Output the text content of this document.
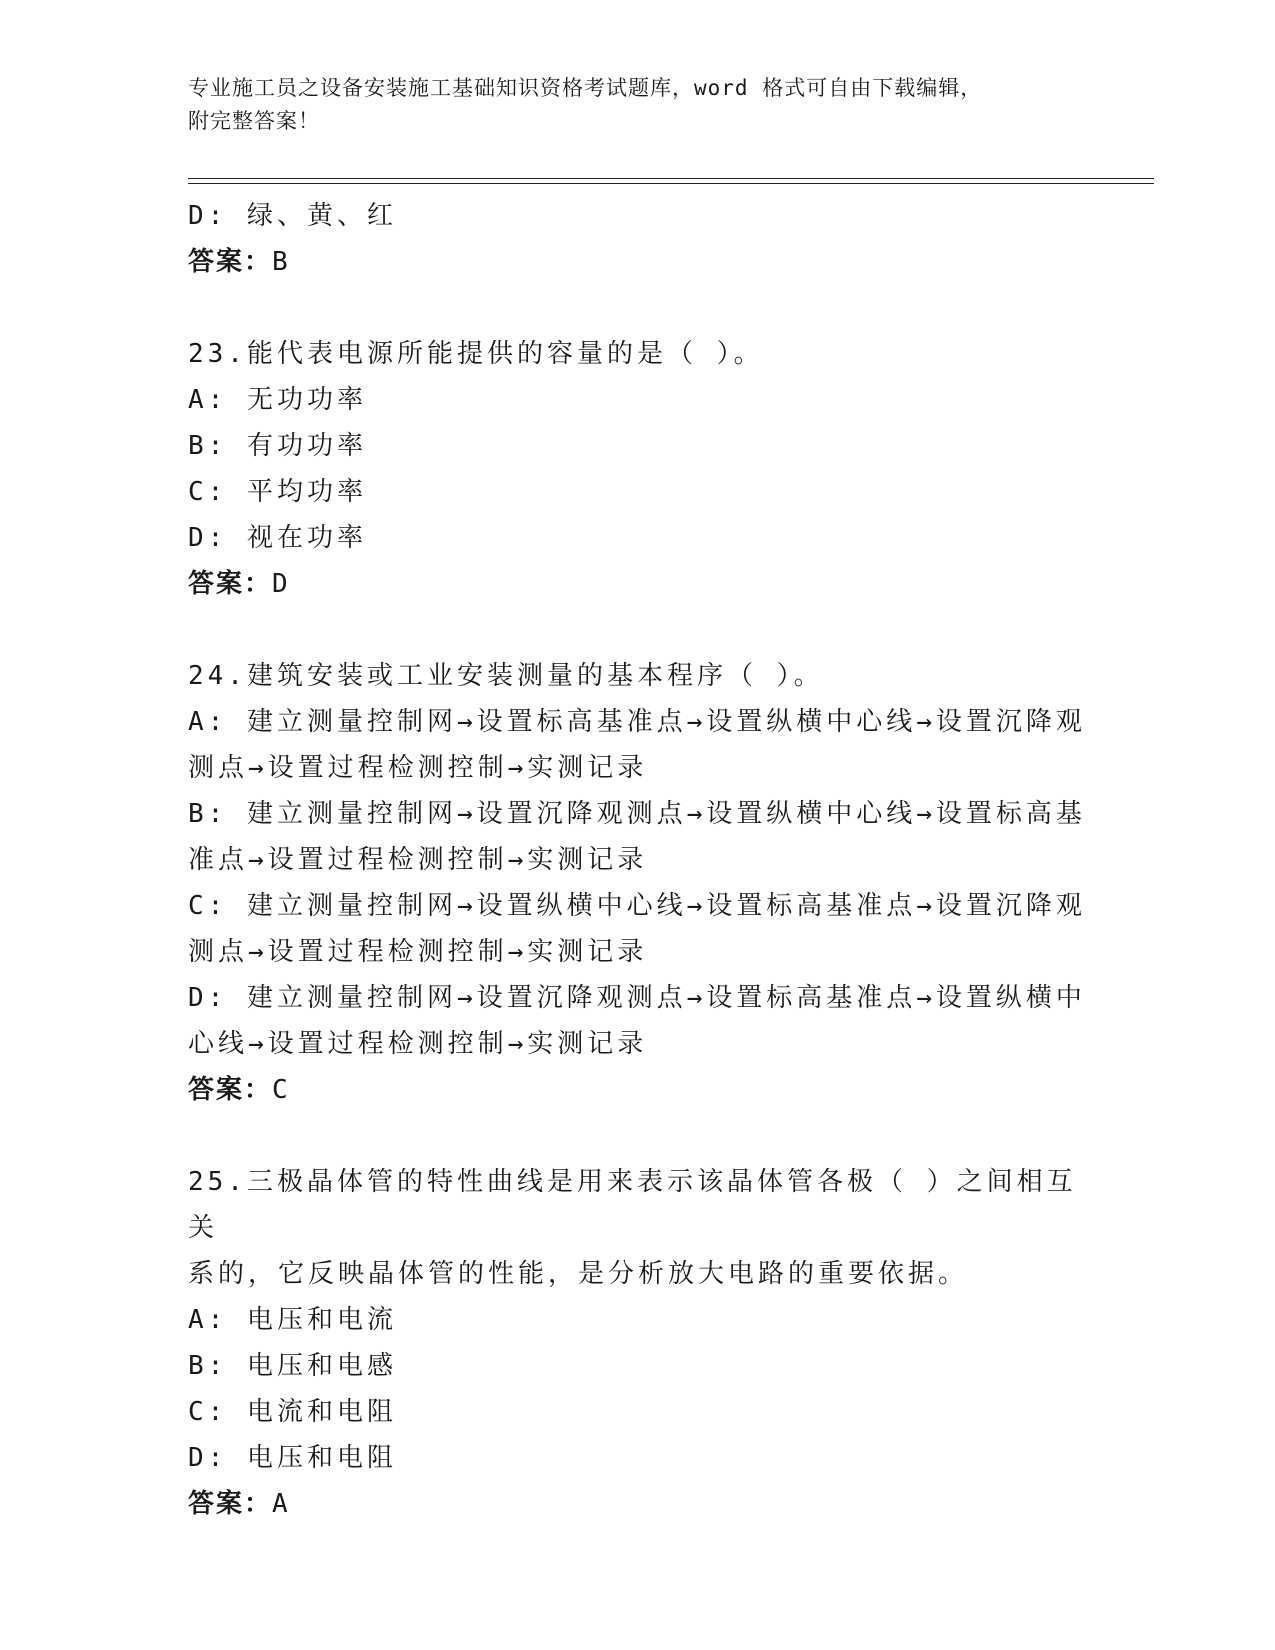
专业施工员之设备安装施工基础知识资格考试题库，word 格式可自由下载编辑，
附完整答案！
D: 绿、黄、红
答案：B
23.能代表电源所能提供的容量的是（ ）。
A: 无功功率
B: 有功功率
C: 平均功率
D: 视在功率
答案：D
24.建筑安装或工业安装测量的基本程序（ ）。
A: 建立测量控制网→设置标高基准点→设置纵横中心线→设置沉降观
测点→设置过程检测控制→实测记录
B: 建立测量控制网→设置沉降观测点→设置纵横中心线→设置标高基
准点→设置过程检测控制→实测记录
C: 建立测量控制网→设置纵横中心线→设置标高基准点→设置沉降观
测点→设置过程检测控制→实测记录
D: 建立测量控制网→设置沉降观测点→设置标高基准点→设置纵横中
心线→设置过程检测控制→实测记录
答案：C
25.三极晶体管的特性曲线是用来表示该晶体管各极（ ）之间相互关
系的，它反映晶体管的性能，是分析放大电路的重要依据。
A: 电压和电流
B: 电压和电感
C: 电流和电阻
D: 电压和电阻
答案：A
